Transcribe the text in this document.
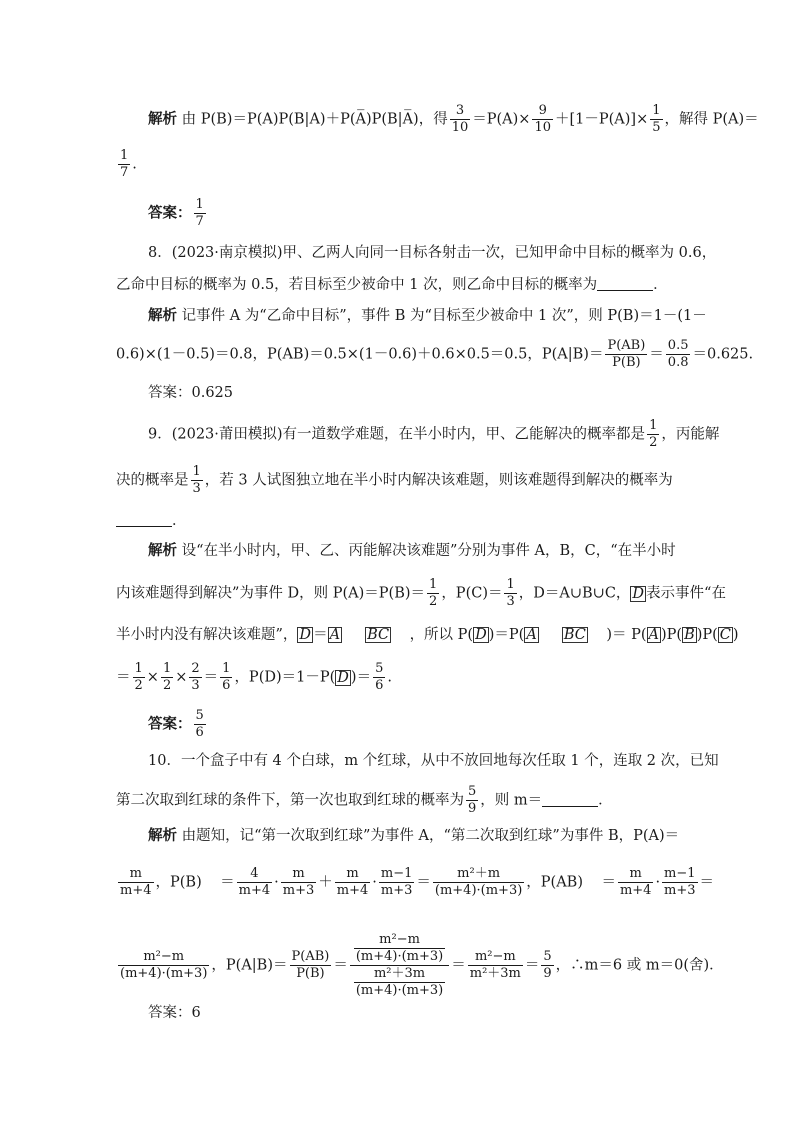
解析 由 P(B)＝P(A)P(B|A)＋P(A̅)P(B|A̅)，得 $\frac{3}{10} =P(A)\times \frac{9}{10} +[1-P(A)]\times \frac{1}{5}$ ，解得 P(A)＝
$\frac{1}{7}$ .
答案： $\frac{1}{7}$
8．(2023·南京模拟)甲、乙两人向同一目标各射击一次，已知甲命中目标的概率为 0.6，
乙命中目标的概率为 0.5，若目标至少被命中 1 次，则乙命中目标的概率为	．
解析 记事件 A 为“乙命中目标”，事件 B 为“目标至少被命中 1 次”，则 P(B)＝1－(1－
0.6)×(1－0.5)＝0.8，P(AB)＝0.5×(1－0.6)＋0.6×0.5＝0.5，$P(A|B)= \frac{P(AB)}{P(B)} = \frac{0.5}{0.8} =0.625$.
答案：0.625
9．(2023·莆田模拟)有一道数学难题，在半小时内，甲、乙能解决的概率都是 $\frac{1}{2}$ ，丙能解
决的概率是 $\frac{1}{3}$ ，若 3 人试图独立地在半小时内解决该难题，则该难题得到解决的概率为
．
解析 设“在半小时内，甲、乙、丙能解决该难题”分别为事件 A，B，C，“在半小时
内该难题得到解决”为事件 D，则 $P(A)=P(B)= \frac{1}{2}$ ，$P(C)= \frac{1}{3}$ ，D＝A∪B∪C， D 表示事件“在
半小时内没有解决该难题”， D ＝ A BC ，所以 P( D )＝P( A BC )＝ P( A )P( B )P( C )
＝ $\frac{1}{2} \times \frac{1}{2} \times \frac{2}{3} = \frac{1}{6}$ ，P(D)＝1－P( D )＝ $\frac{5}{6}$ .
答案： $\frac{5}{6}$
10．一个盒子中有 4 个白球，m 个红球，从中不放回地每次任取 1 个，连取 2 次，已知
第二次取到红球的条件下，第一次也取到红球的概率为 $\frac{5}{9}$ ，则 m＝	．
解析 由题知，记“第一次取到红球”为事件 A，“第二次取到红球”为事件 B，P(A)＝
$\frac{m}{m+4}$ ，$P(B) = \frac{4}{m+4} \cdot \frac{m}{m+3} + \frac{m}{m+4} \cdot \frac{m-1}{m+3} = \frac{\text{m²＋m}}{(m+4)\cdot(m+3)}$ ，$P(AB) = \frac{m}{m+4} \cdot \frac{m-1}{m+3}$ ＝
$\frac{\text{m²−m}}{(m+4)\cdot(m+3)}$ ，$P(A|B)= \frac{P(AB)}{P(B)} = \frac{\frac{\text{m²−m}}{(m+4)\cdot(m+3)}}{\frac{\text{m²＋3m}}{(m+4)\cdot(m+3)}} = \frac{\text{m²−m}}{\text{m²＋3m}} = \frac{5}{9}$ ，∴m＝6 或 m＝0(舍)．
答案：6
